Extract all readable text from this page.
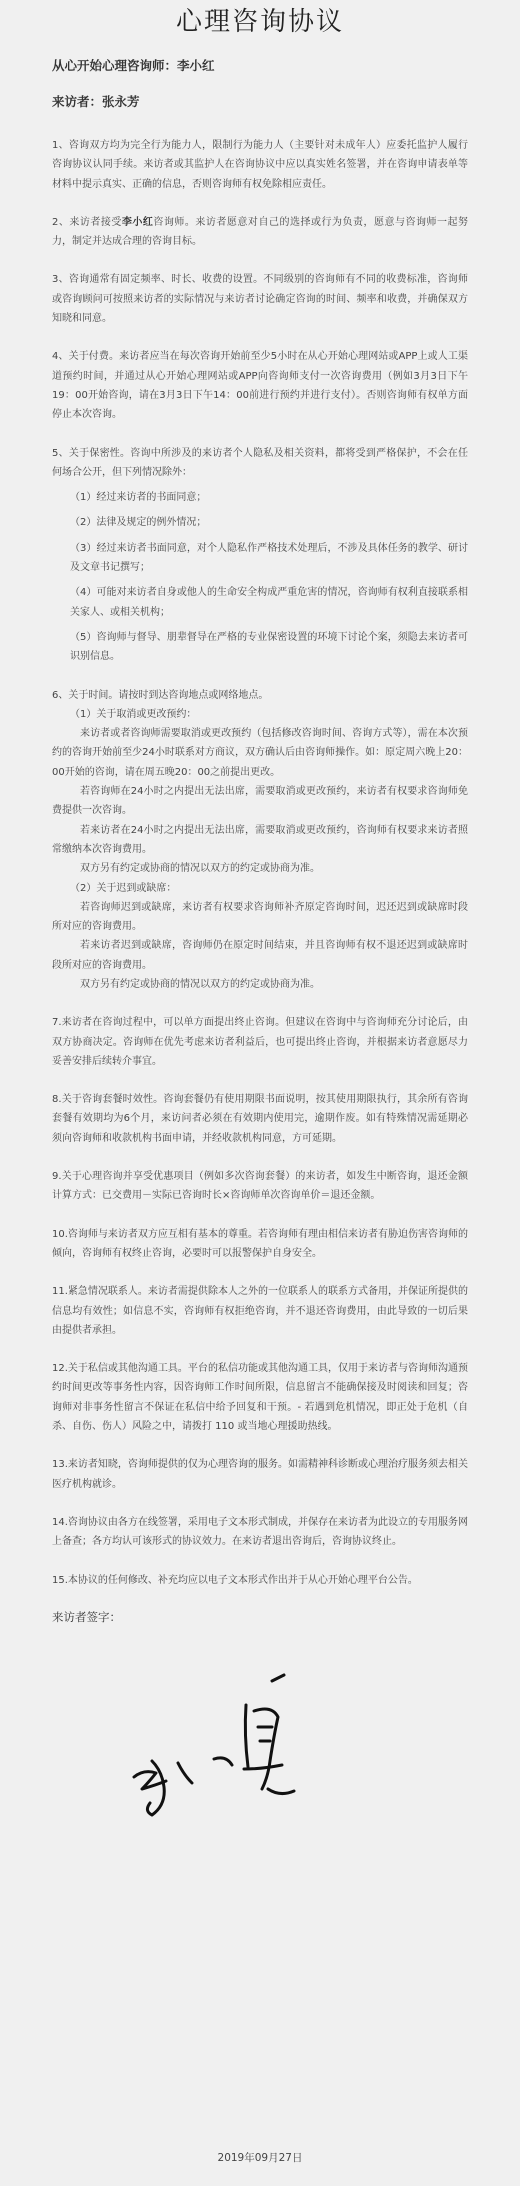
心理咨询协议

从心开始心理咨询师：李小红

来访者：张永芳

1、咨询双方均为完全行为能力人，限制行为能力人（主要针对未成年人）应委托监护人履行咨询协议认同手续。来访者或其监护人在咨询协议中应以真实姓名签署，并在咨询申请表单等材料中提示真实、正确的信息，否则咨询师有权免除相应责任。

2、来访者接受李小红咨询师。来访者愿意对自己的选择或行为负责，愿意与咨询师一起努力，制定并达成合理的咨询目标。

3、咨询通常有固定频率、时长、收费的设置。不同级别的咨询师有不同的收费标准，咨询师或咨询顾问可按照来访者的实际情况与来访者讨论确定咨询的时间、频率和收费，并确保双方知晓和同意。

4、关于付费。来访者应当在每次咨询开始前至少5小时在从心开始心理网站或APP上或人工渠道预约时间，并通过从心开始心理网站或APP向咨询师支付一次咨询费用（例如3月3日下午19：00开始咨询，请在3月3日下午14：00前进行预约并进行支付）。否则咨询师有权单方面停止本次咨询。

5、关于保密性。咨询中所涉及的来访者个人隐私及相关资料，都将受到严格保护，不会在任何场合公开，但下列情况除外：

（1）经过来访者的书面同意；

（2）法律及规定的例外情况；

（3）经过来访者书面同意，对个人隐私作严格技术处理后，不涉及具体任务的教学、研讨及文章书记撰写；

（4）可能对来访者自身或他人的生命安全构成严重危害的情况，咨询师有权利直接联系相关家人、或相关机构；

（5）咨询师与督导、朋辈督导在严格的专业保密设置的环境下讨论个案，须隐去来访者可识别信息。

6、关于时间。请按时到达咨询地点或网络地点。

（1）关于取消或更改预约：

来访者或者咨询师需要取消或更改预约（包括修改咨询时间、咨询方式等），需在本次预约的咨询开始前至少24小时联系对方商议，双方确认后由咨询师操作。如：原定周六晚上20：00开始的咨询，请在周五晚20：00之前提出更改。

若咨询师在24小时之内提出无法出席，需要取消或更改预约，来访者有权要求咨询师免费提供一次咨询。

若来访者在24小时之内提出无法出席，需要取消或更改预约，咨询师有权要求来访者照常缴纳本次咨询费用。

双方另有约定或协商的情况以双方的约定或协商为准。

（2）关于迟到或缺席：

若咨询师迟到或缺席，来访者有权要求咨询师补齐原定咨询时间，迟还迟到或缺席时段所对应的咨询费用。

若来访者迟到或缺席，咨询师仍在原定时间结束，并且咨询师有权不退还迟到或缺席时段所对应的咨询费用。

双方另有约定或协商的情况以双方的约定或协商为准。

7.来访者在咨询过程中，可以单方面提出终止咨询。但建议在咨询中与咨询师充分讨论后，由双方协商决定。咨询师在优先考虑来访者利益后，也可提出终止咨询，并根据来访者意愿尽力妥善安排后续转介事宜。

8.关于咨询套餐时效性。咨询套餐仍有使用期限书面说明，按其使用期限执行，其余所有咨询套餐有效期均为6个月，来访问者必须在有效期内使用完，逾期作废。如有特殊情况需延期必须向咨询师和收款机构书面申请，并经收款机构同意，方可延期。

9.关于心理咨询并享受优惠项目（例如多次咨询套餐）的来访者，如发生中断咨询，退还金额计算方式：已交费用－实际已咨询时长×咨询师单次咨询单价＝退还金额。

10.咨询师与来访者双方应互相有基本的尊重。若咨询师有理由相信来访者有胁迫伤害咨询师的倾向，咨询师有权终止咨询，必要时可以报警保护自身安全。

11.紧急情况联系人。来访者需提供除本人之外的一位联系人的联系方式备用，并保证所提供的信息均有效性；如信息不实，咨询师有权拒绝咨询，并不退还咨询费用，由此导致的一切后果由提供者承担。

12.关于私信或其他沟通工具。平台的私信功能或其他沟通工具，仅用于来访者与咨询师沟通预约时间更改等事务性内容，因咨询师工作时间所限，信息留言不能确保接及时阅读和回复；咨询师对非事务性留言不保证在私信中给予回复和干预。- 若遇到危机情况，即正处于危机（自杀、自伤、伤人）风险之中，请拨打 110 或当地心理援助热线。

13.来访者知晓，咨询师提供的仅为心理咨询的服务。如需精神科诊断或心理治疗服务须去相关医疗机构就诊。

14.咨询协议由各方在线签署，采用电子文本形式制成，并保存在来访者为此设立的专用服务网上备查；各方均认可该形式的协议效力。在来访者退出咨询后，咨询协议终止。

15.本协议的任何修改、补充均应以电子文本形式作出并于从心开始心理平台公告。

来访者签字：

2019年09月27日
